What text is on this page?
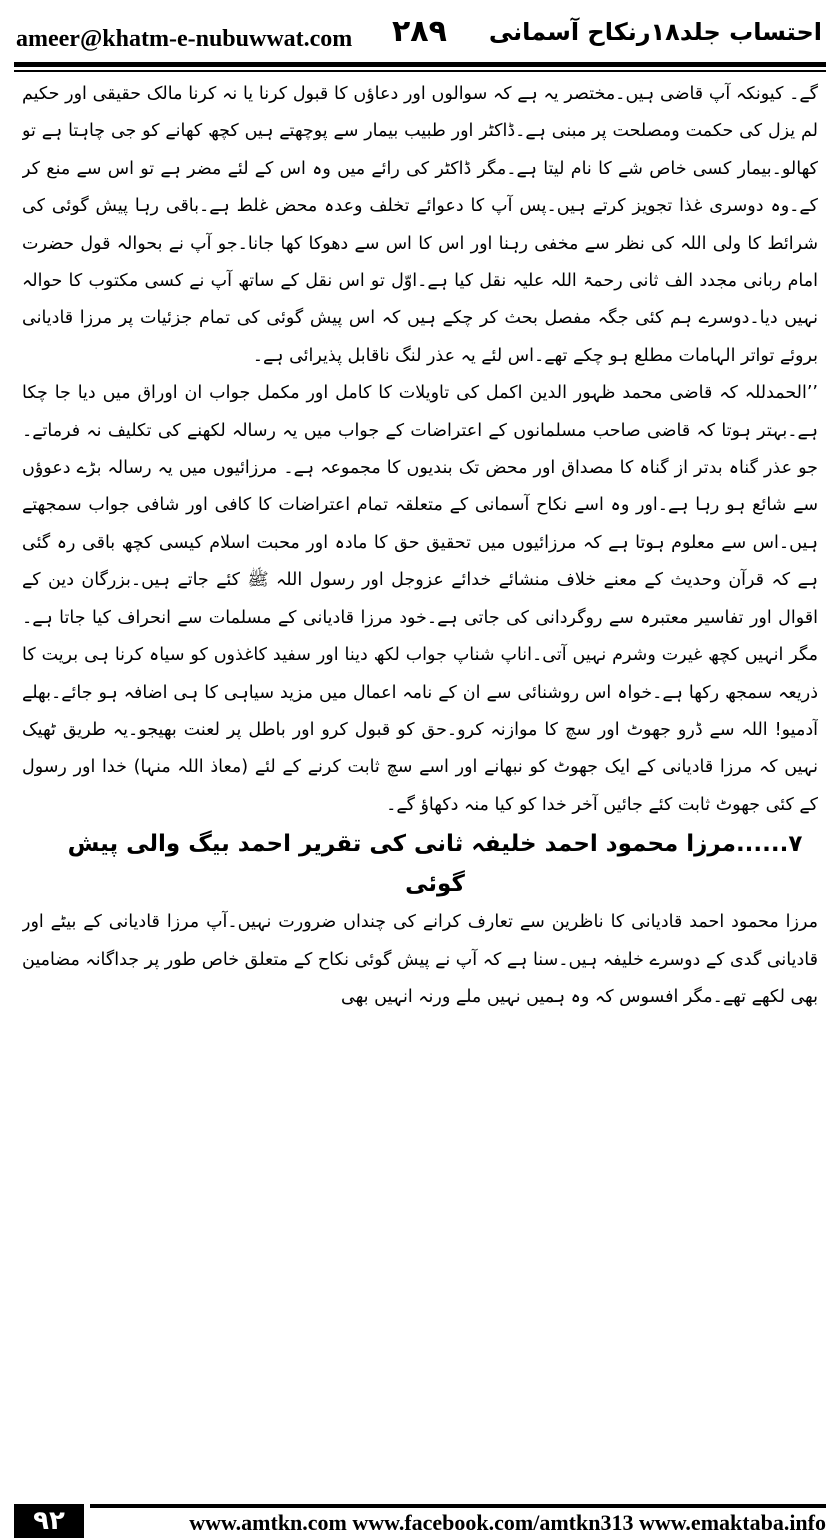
ameer@khatm-e-nubuwwat.com ۲۸۹ احتساب جلد۱۸رنکاح آسمانی

گے۔ کیونکہ آپ قاضی ہیں۔مختصر یہ ہے کہ سوالوں اور دعاؤں کا قبول کرنا یا نہ کرنا مالک حقیقی اور حکیم لم یزل کی حکمت ومصلحت پر مبنی ہے۔ڈاکٹر اور طبیب بیمار سے پوچھتے ہیں کچھ کھانے کو جی چاہتا ہے تو کھالو۔بیمار کسی خاص شے کا نام لیتا ہے۔مگر ڈاکٹر کی رائے میں وہ اس کے لئے مضر ہے تو اس سے منع کر کے۔وہ دوسری غذا تجویز کرتے ہیں۔پس آپ کا دعوائے تخلف وعدہ محض غلط ہے۔باقی رہا پیش گوئی کی شرائط کا ولی اللہ کی نظر سے مخفی رہنا اور اس کا اس سے دھوکا کھا جانا۔جو آپ نے بحوالہ قول حضرت امام ربانی مجدد الف ثانی رحمۃ اللہ علیہ نقل کیا ہے۔اوّل تو اس نقل کے ساتھ آپ نے کسی مکتوب کا حوالہ نہیں دیا۔دوسرے ہم کئی جگہ مفصل بحث کر چکے ہیں کہ اس پیش گوئی کی تمام جزئیات پر مرزا قادیانی بروئے تواتر الہامات مطلع ہو چکے تھے۔اس لئے یہ عذر لنگ ناقابل پذیرائی ہے۔

’’الحمدللہ کہ قاضی محمد ظہور الدین اکمل کی تاویلات کا کامل اور مکمل جواب ان اوراق میں دیا جا چکا ہے۔بہتر ہوتا کہ قاضی صاحب مسلمانوں کے اعتراضات کے جواب میں یہ رسالہ لکھنے کی تکلیف نہ فرماتے۔جو عذر گناہ بدتر از گناہ کا مصداق اور محض تک بندیوں کا مجموعہ ہے۔ مرزائیوں میں یہ رسالہ بڑے دعوؤں سے شائع ہو رہا ہے۔اور وہ اسے نکاح آسمانی کے متعلقہ تمام اعتراضات کا کافی اور شافی جواب سمجھتے ہیں۔اس سے معلوم ہوتا ہے کہ مرزائیوں میں تحقیق حق کا مادہ اور محبت اسلام کیسی کچھ باقی رہ گئی ہے کہ قرآن وحدیث کے معنے خلاف منشائے خدائے عزوجل اور رسول اللہ ﷺ کئے جاتے ہیں۔بزرگان دین کے اقوال اور تفاسیر معتبرہ سے روگردانی کی جاتی ہے۔خود مرزا قادیانی کے مسلمات سے انحراف کیا جاتا ہے۔مگر انہیں کچھ غیرت وشرم نہیں آتی۔اناپ شناپ جواب لکھ دینا اور سفید کاغذوں کو سیاہ کرنا ہی بریت کا ذریعہ سمجھ رکھا ہے۔خواہ اس روشنائی سے ان کے نامہ اعمال میں مزید سیاہی کا ہی اضافہ ہو جائے۔بھلے آدمیو! اللہ سے ڈرو جھوٹ اور سچ کا موازنہ کرو۔حق کو قبول کرو اور باطل پر لعنت بھیجو۔یہ طریق ٹھیک نہیں کہ مرزا قادیانی کے ایک جھوٹ کو نبھانے اور اسے سچ ثابت کرنے کے لئے (معاذ اللہ منہا) خدا اور رسول کے کئی جھوٹ ثابت کئے جائیں آخر خدا کو کیا منہ دکھاؤ گے۔

۷......مرزا محمود احمد خلیفہ ثانی کی تقریر احمد بیگ والی پیش گوئی

مرزا محمود احمد قادیانی کا ناظرین سے تعارف کرانے کی چنداں ضرورت نہیں۔آپ مرزا قادیانی کے بیٹے اور قادیانی گدی کے دوسرے خلیفہ ہیں۔سنا ہے کہ آپ نے پیش گوئی نکاح کے متعلق خاص طور پر جداگانہ مضامین بھی لکھے تھے۔مگر افسوس کہ وہ ہمیں نہیں ملے ورنہ انہیں بھی

۹۲	www.amtkn.com www.facebook.com/amtkn313 www.emaktaba.info
